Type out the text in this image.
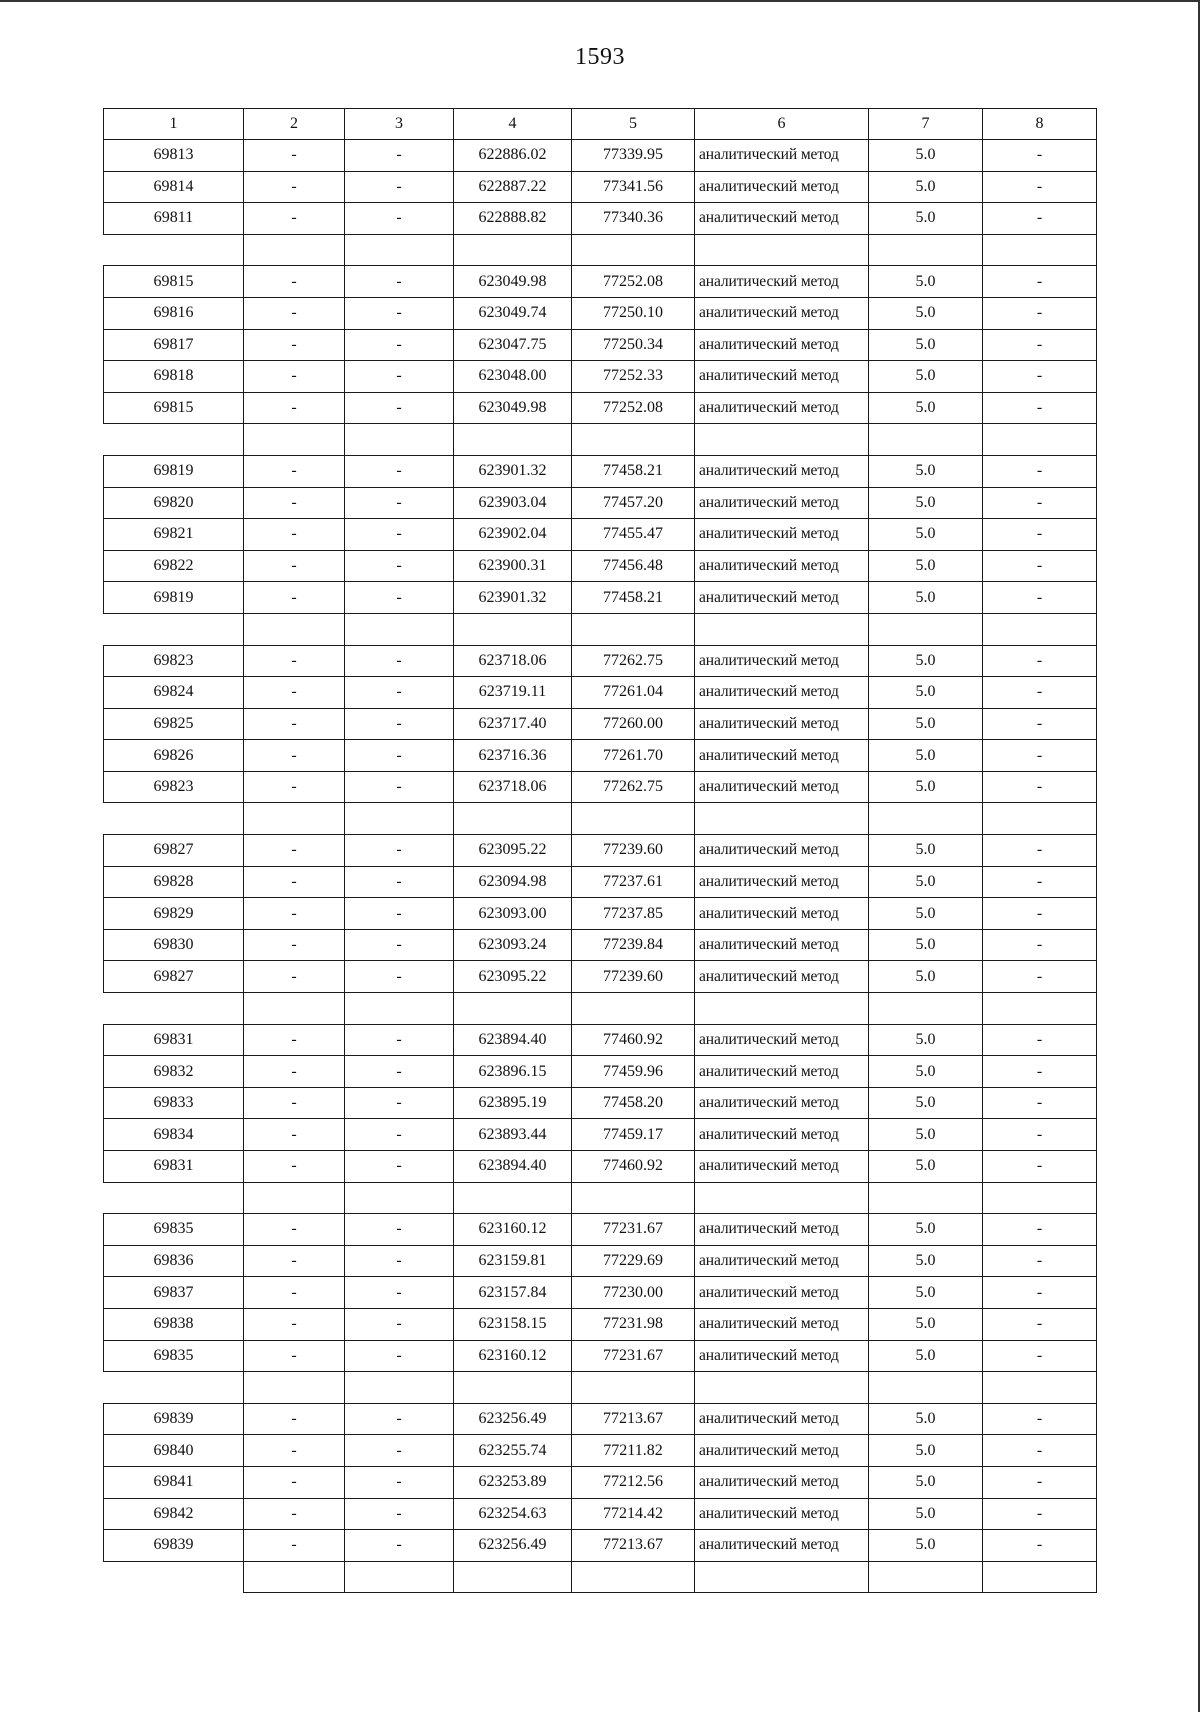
1593
1	2	3	4	5	6	7	8
69813	-	-	622886.02	77339.95	аналитический метод	5.0	-
69814	-	-	622887.22	77341.56	аналитический метод	5.0	-
69811	-	-	622888.82	77340.36	аналитический метод	5.0	-

69815	-	-	623049.98	77252.08	аналитический метод	5.0	-
69816	-	-	623049.74	77250.10	аналитический метод	5.0	-
69817	-	-	623047.75	77250.34	аналитический метод	5.0	-
69818	-	-	623048.00	77252.33	аналитический метод	5.0	-
69815	-	-	623049.98	77252.08	аналитический метод	5.0	-

69819	-	-	623901.32	77458.21	аналитический метод	5.0	-
69820	-	-	623903.04	77457.20	аналитический метод	5.0	-
69821	-	-	623902.04	77455.47	аналитический метод	5.0	-
69822	-	-	623900.31	77456.48	аналитический метод	5.0	-
69819	-	-	623901.32	77458.21	аналитический метод	5.0	-

69823	-	-	623718.06	77262.75	аналитический метод	5.0	-
69824	-	-	623719.11	77261.04	аналитический метод	5.0	-
69825	-	-	623717.40	77260.00	аналитический метод	5.0	-
69826	-	-	623716.36	77261.70	аналитический метод	5.0	-
69823	-	-	623718.06	77262.75	аналитический метод	5.0	-

69827	-	-	623095.22	77239.60	аналитический метод	5.0	-
69828	-	-	623094.98	77237.61	аналитический метод	5.0	-
69829	-	-	623093.00	77237.85	аналитический метод	5.0	-
69830	-	-	623093.24	77239.84	аналитический метод	5.0	-
69827	-	-	623095.22	77239.60	аналитический метод	5.0	-

69831	-	-	623894.40	77460.92	аналитический метод	5.0	-
69832	-	-	623896.15	77459.96	аналитический метод	5.0	-
69833	-	-	623895.19	77458.20	аналитический метод	5.0	-
69834	-	-	623893.44	77459.17	аналитический метод	5.0	-
69831	-	-	623894.40	77460.92	аналитический метод	5.0	-

69835	-	-	623160.12	77231.67	аналитический метод	5.0	-
69836	-	-	623159.81	77229.69	аналитический метод	5.0	-
69837	-	-	623157.84	77230.00	аналитический метод	5.0	-
69838	-	-	623158.15	77231.98	аналитический метод	5.0	-
69835	-	-	623160.12	77231.67	аналитический метод	5.0	-

69839	-	-	623256.49	77213.67	аналитический метод	5.0	-
69840	-	-	623255.74	77211.82	аналитический метод	5.0	-
69841	-	-	623253.89	77212.56	аналитический метод	5.0	-
69842	-	-	623254.63	77214.42	аналитический метод	5.0	-
69839	-	-	623256.49	77213.67	аналитический метод	5.0	-
